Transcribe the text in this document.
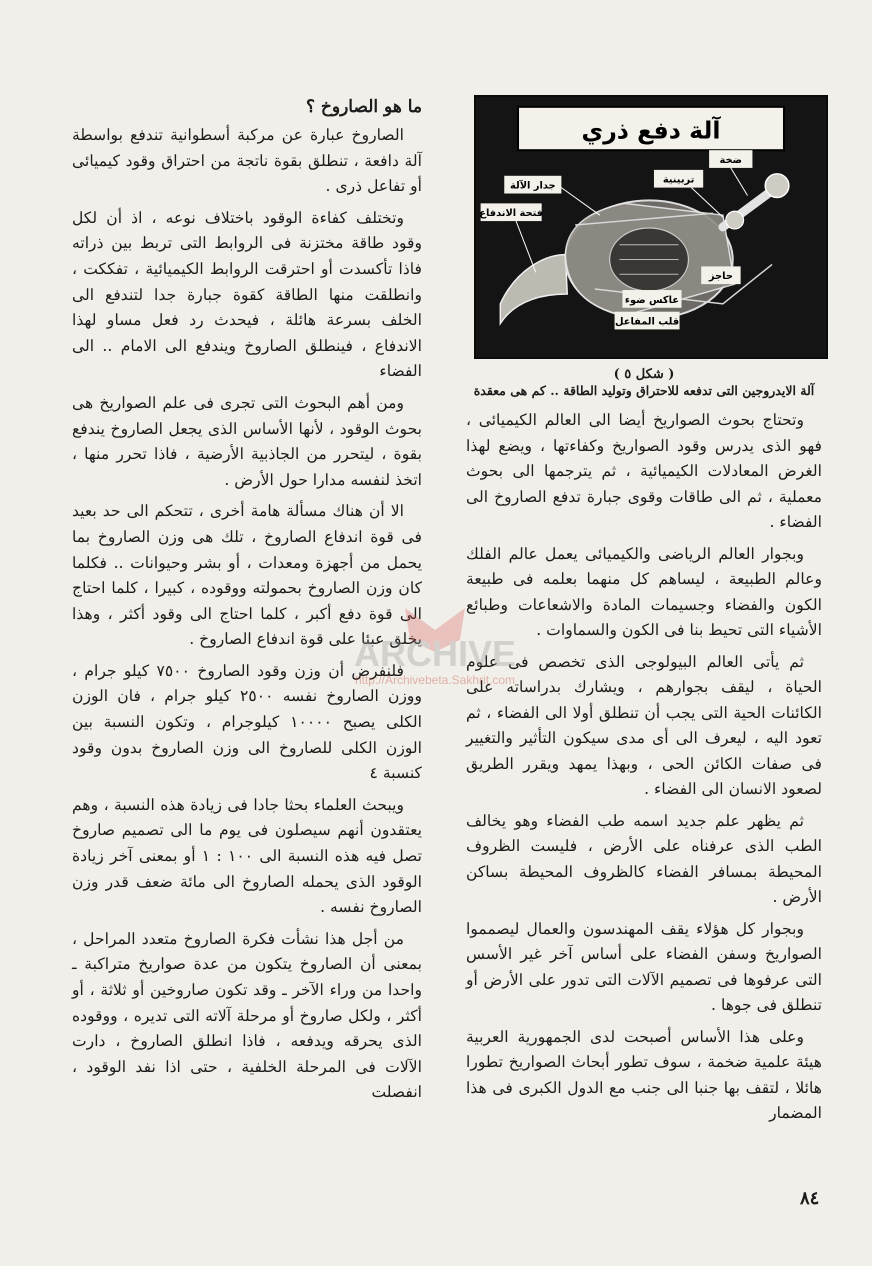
ما هو الصاروخ ؟

الصاروخ عبارة عن مركبة أسطوانية تندفع بواسطة آلة دافعة ، تنطلق بقوة ناتجة من احتراق وقود كيميائى أو تفاعل ذرى .

وتختلف كفاءة الوقود باختلاف نوعه ، اذ أن لكل وقود طاقة مختزنة فى الروابط التى تربط بين ذراته فاذا تأكسدت أو احترقت الروابط الكيميائية ، تفككت ، وانطلقت منها الطاقة كقوة جبارة جدا لتندفع الى الخلف بسرعة هائلة ، فيحدث رد فعل مساو لهذا الاندفاع ، فينطلق الصاروخ ويندفع الى الامام .. الى الفضاء

ومن أهم البحوث التى تجرى فى علم الصواريخ هى بحوث الوقود ، لأنها الأساس الذى يجعل الصاروخ يندفع بقوة ، ليتحرر من الجاذبية الأرضية ، فاذا تحرر منها ، اتخذ لنفسه مدارا حول الأرض .

الا أن هناك مسألة هامة أخرى ، تتحكم الى حد بعيد فى قوة اندفاع الصاروخ ، تلك هى وزن الصاروخ بما يحمل من أجهزة ومعدات ، أو بشر وحيوانات .. فكلما كان وزن الصاروخ بحمولته ووقوده ، كبيرا ، كلما احتاج الى قوة دفع أكبر ، كلما احتاج الى وقود أكثر ، وهذا يخلق عبئا على قوة اندفاع الصاروخ .

فلنفرض أن وزن وقود الصاروخ ٧٥٠٠ كيلو جرام ، ووزن الصاروخ نفسه ٢٥٠٠ كيلو جرام ، فان الوزن الكلى يصبح ١٠٠٠٠ كيلوجرام ، وتكون النسبة بين الوزن الكلى للصاروخ الى وزن الصاروخ بدون وقود كنسبة ٤

ويبحث العلماء بحثا جادا فى زيادة هذه النسبة ، وهم يعتقدون أنهم سيصلون فى يوم ما الى تصميم صاروخ تصل فيه هذه النسبة الى ١٠٠ : ١ أو بمعنى آخر زيادة الوقود الذى يحمله الصاروخ الى مائة ضعف قدر وزن الصاروخ نفسه .

من أجل هذا نشأت فكرة الصاروخ متعدد المراحل ، بمعنى أن الصاروخ يتكون من عدة صواريخ متراكبة ـ واحدا من وراء الآخر ـ وقد تكون صاروخين أو ثلاثة ، أو أكثر ، ولكل صاروخ أو مرحلة آلاته التى تديره ، ووقوده الذى يحرقه ويدفعه ، فاذا انطلق الصاروخ ، دارت الآلات فى المرحلة الخلفية ، حتى اذا نفد الوقود ، انفصلت

آلة دفع ذري
ضخة
تربينية
جدار الآلة
فتحة الاندفاع
حاجز
عاكس ضوء
قلب المفاعل
( شكل ٥ )
آلة الايدروجين التى تدفعه للاحتراق وتوليد الطاقة .. كم هى معقدة

وتحتاج بحوث الصواريخ أيضا الى العالم الكيميائى ، فهو الذى يدرس وقود الصواريخ وكفاءتها ، ويضع لهذا الغرض المعادلات الكيميائية ، ثم يترجمها الى بحوث معملية ، ثم الى طاقات وقوى جبارة تدفع الصاروخ الى الفضاء .

وبجوار العالم الرياضى والكيميائى يعمل عالم الفلك وعالم الطبيعة ، ليساهم كل منهما بعلمه فى طبيعة الكون والفضاء وجسيمات المادة والاشعاعات وطبائع الأشياء التى تحيط بنا فى الكون والسماوات .

ثم يأتى العالم البيولوجى الذى تخصص فى علوم الحياة ، ليقف بجوارهم ، ويشارك بدراساته على الكائنات الحية التى يجب أن تنطلق أولا الى الفضاء ، ثم تعود اليه ، ليعرف الى أى مدى سيكون التأثير والتغيير فى صفات الكائن الحى ، وبهذا يمهد ويقرر الطريق لصعود الانسان الى الفضاء .

ثم يظهر علم جديد اسمه طب الفضاء وهو يخالف الطب الذى عرفناه على الأرض ، فليست الظروف المحيطة بمسافر الفضاء كالظروف المحيطة بساكن الأرض .

وبجوار كل هؤلاء يقف المهندسون والعمال ليصمموا الصواريخ وسفن الفضاء على أساس آخر غير الأسس التى عرفوها فى تصميم الآلات التى تدور على الأرض أو تنطلق فى جوها .

وعلى هذا الأساس أصبحت لدى الجمهورية العربية هيئة علمية ضخمة ، سوف تطور أبحاث الصواريخ تطورا هائلا ، لتقف بها جنبا الى جنب مع الدول الكبرى فى هذا المضمار

ARCHIVE
http://Archivebeta.Sakhrit.com
٨٤
